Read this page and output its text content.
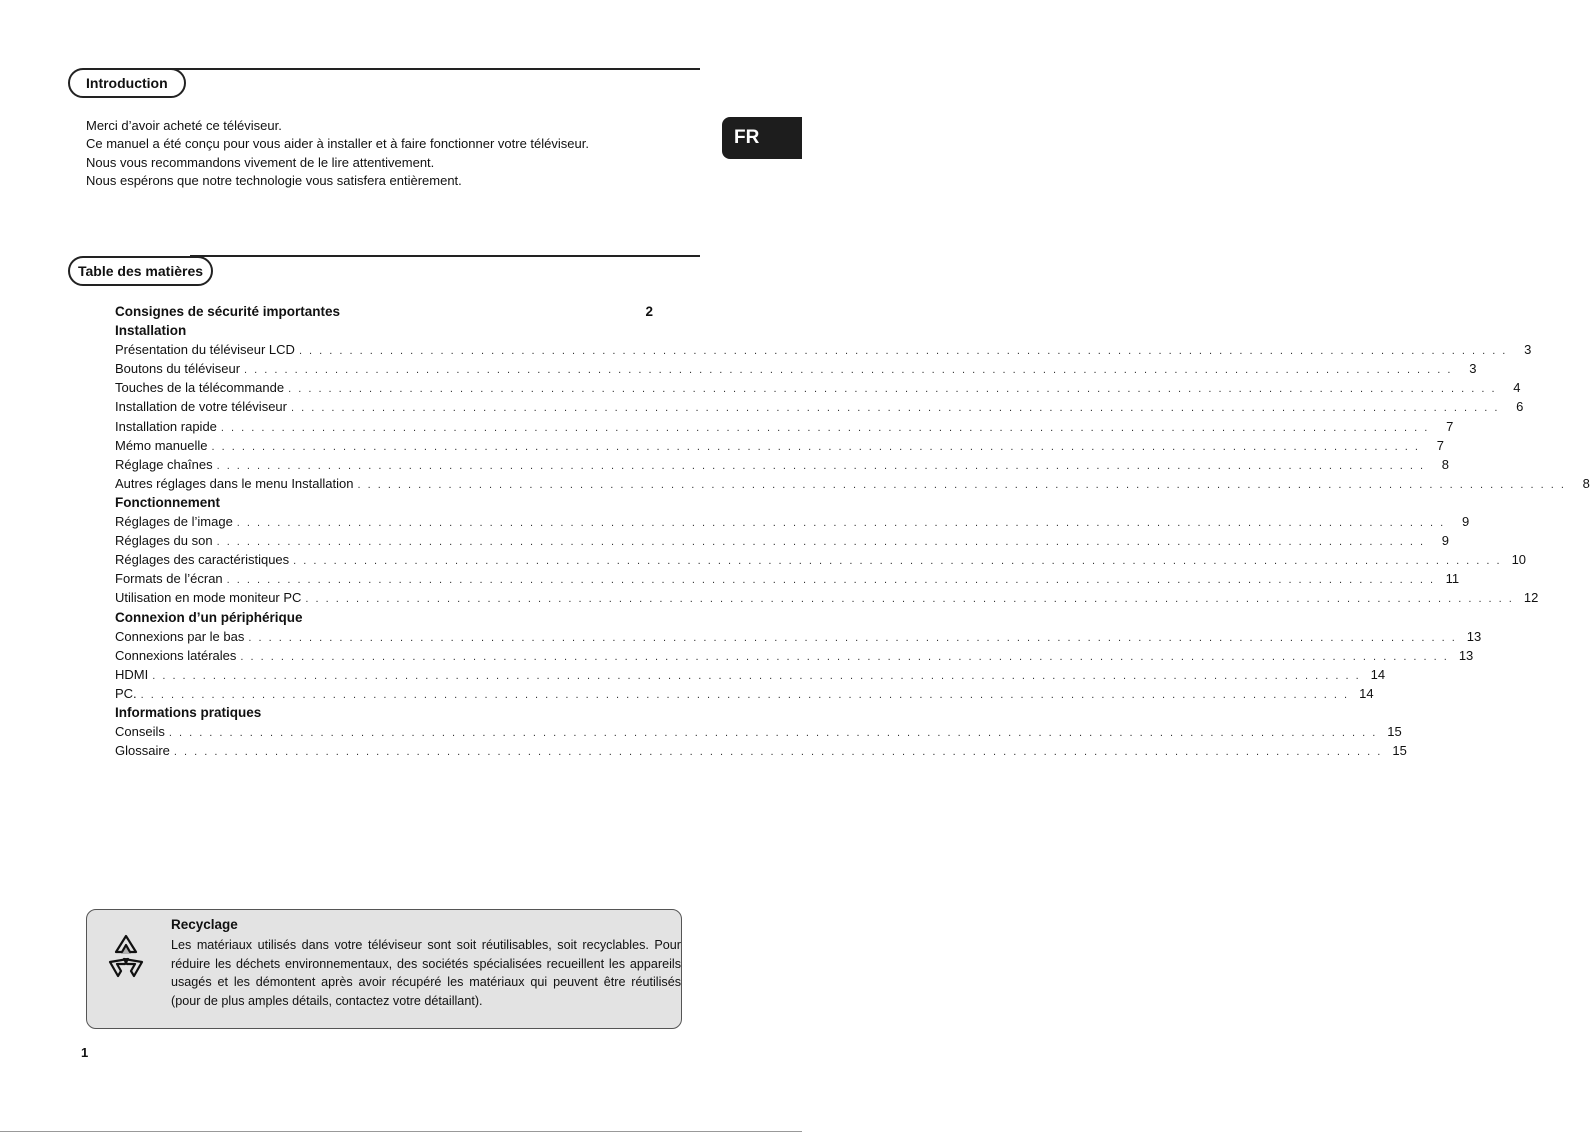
Introduction
FR

Merci d’avoir acheté ce téléviseur.

Ce manuel a été conçu pour vous aider à installer et à faire fonctionner votre téléviseur.

Nous vous recommandons vivement de le lire attentivement.

Nous espérons que notre technologie vous satisfera entièrement.

Table des matières
Consignes de sécurité importantes	2
Installation
Présentation du téléviseur LCD . . . . . . . . . . . . . . . . . . . . . . . . . . . . . . . . . . . . . . . . . . . . . . . . . . . . . . . . . . . . . . . . . . . . . . . . . . . . . . . . . . . . . . . . . . . . . . . . . . . . . . . . . . . . . . . . . . . . . . . .	3
Boutons du téléviseur . . . . . . . . . . . . . . . . . . . . . . . . . . . . . . . . . . . . . . . . . . . . . . . . . . . . . . . . . . . . . . . . . . . . . . . . . . . . . . . . . . . . . . . . . . . . . . . . . . . . . . . . . . . . . . . . . . . . . . . .	3
Touches de la télécommande . . . . . . . . . . . . . . . . . . . . . . . . . . . . . . . . . . . . . . . . . . . . . . . . . . . . . . . . . . . . . . . . . . . . . . . . . . . . . . . . . . . . . . . . . . . . . . . . . . . . . . . . . . . . . . . . . . . . . . . .	4
Installation de votre téléviseur . . . . . . . . . . . . . . . . . . . . . . . . . . . . . . . . . . . . . . . . . . . . . . . . . . . . . . . . . . . . . . . . . . . . . . . . . . . . . . . . . . . . . . . . . . . . . . . . . . . . . . . . . . . . . . . . . . . . . . . .	6
Installation rapide . . . . . . . . . . . . . . . . . . . . . . . . . . . . . . . . . . . . . . . . . . . . . . . . . . . . . . . . . . . . . . . . . . . . . . . . . . . . . . . . . . . . . . . . . . . . . . . . . . . . . . . . . . . . . . . . . . . . . . . .	7
Mémo manuelle . . . . . . . . . . . . . . . . . . . . . . . . . . . . . . . . . . . . . . . . . . . . . . . . . . . . . . . . . . . . . . . . . . . . . . . . . . . . . . . . . . . . . . . . . . . . . . . . . . . . . . . . . . . . . . . . . . . . . . . .	7
Réglage chaînes . . . . . . . . . . . . . . . . . . . . . . . . . . . . . . . . . . . . . . . . . . . . . . . . . . . . . . . . . . . . . . . . . . . . . . . . . . . . . . . . . . . . . . . . . . . . . . . . . . . . . . . . . . . . . . . . . . . . . . . .	8
Autres réglages dans le menu Installation . . . . . . . . . . . . . . . . . . . . . . . . . . . . . . . . . . . . . . . . . . . . . . . . . . . . . . . . . . . . . . . . . . . . . . . . . . . . . . . . . . . . . . . . . . . . . . . . . . . . . . . . . . . . . . . . . . . . . . . .	8
Fonctionnement
Réglages de l’image . . . . . . . . . . . . . . . . . . . . . . . . . . . . . . . . . . . . . . . . . . . . . . . . . . . . . . . . . . . . . . . . . . . . . . . . . . . . . . . . . . . . . . . . . . . . . . . . . . . . . . . . . . . . . . . . . . . . . . . .	9
Réglages du son . . . . . . . . . . . . . . . . . . . . . . . . . . . . . . . . . . . . . . . . . . . . . . . . . . . . . . . . . . . . . . . . . . . . . . . . . . . . . . . . . . . . . . . . . . . . . . . . . . . . . . . . . . . . . . . . . . . . . . . .	9
Réglages des caractéristiques . . . . . . . . . . . . . . . . . . . . . . . . . . . . . . . . . . . . . . . . . . . . . . . . . . . . . . . . . . . . . . . . . . . . . . . . . . . . . . . . . . . . . . . . . . . . . . . . . . . . . . . . . . . . . . . . . . . . . . . . 10
Formats de l’écran . . . . . . . . . . . . . . . . . . . . . . . . . . . . . . . . . . . . . . . . . . . . . . . . . . . . . . . . . . . . . . . . . . . . . . . . . . . . . . . . . . . . . . . . . . . . . . . . . . . . . . . . . . . . . . . . . . . . . . . . 11
Utilisation en mode moniteur PC . . . . . . . . . . . . . . . . . . . . . . . . . . . . . . . . . . . . . . . . . . . . . . . . . . . . . . . . . . . . . . . . . . . . . . . . . . . . . . . . . . . . . . . . . . . . . . . . . . . . . . . . . . . . . . . . . . . . . . . . 12
Connexion d’un périphérique
Connexions par le bas . . . . . . . . . . . . . . . . . . . . . . . . . . . . . . . . . . . . . . . . . . . . . . . . . . . . . . . . . . . . . . . . . . . . . . . . . . . . . . . . . . . . . . . . . . . . . . . . . . . . . . . . . . . . . . . . . . . . . . . . 13
Connexions latérales . . . . . . . . . . . . . . . . . . . . . . . . . . . . . . . . . . . . . . . . . . . . . . . . . . . . . . . . . . . . . . . . . . . . . . . . . . . . . . . . . . . . . . . . . . . . . . . . . . . . . . . . . . . . . . . . . . . . . . . . 13
HDMI . . . . . . . . . . . . . . . . . . . . . . . . . . . . . . . . . . . . . . . . . . . . . . . . . . . . . . . . . . . . . . . . . . . . . . . . . . . . . . . . . . . . . . . . . . . . . . . . . . . . . . . . . . . . . . . . . . . . . . . . 14
PC. . . . . . . . . . . . . . . . . . . . . . . . . . . . . . . . . . . . . . . . . . . . . . . . . . . . . . . . . . . . . . . . . . . . . . . . . . . . . . . . . . . . . . . . . . . . . . . . . . . . . . . . . . . . . . . . . . . . . . . . . 14
Informations pratiques
Conseils . . . . . . . . . . . . . . . . . . . . . . . . . . . . . . . . . . . . . . . . . . . . . . . . . . . . . . . . . . . . . . . . . . . . . . . . . . . . . . . . . . . . . . . . . . . . . . . . . . . . . . . . . . . . . . . . . . . . . . . . 15
Glossaire . . . . . . . . . . . . . . . . . . . . . . . . . . . . . . . . . . . . . . . . . . . . . . . . . . . . . . . . . . . . . . . . . . . . . . . . . . . . . . . . . . . . . . . . . . . . . . . . . . . . . . . . . . . . . . . . . . . . . . . . 15
Recyclage
Les matériaux utilisés dans votre téléviseur sont soit réutilisables, soit recyclables. Pour réduire les déchets environnementaux, des sociétés spécialisées recueillent les appareils usagés et les démontent après avoir récupéré les matériaux qui peuvent être réutilisés (pour de plus amples détails, contactez votre détaillant).
1
